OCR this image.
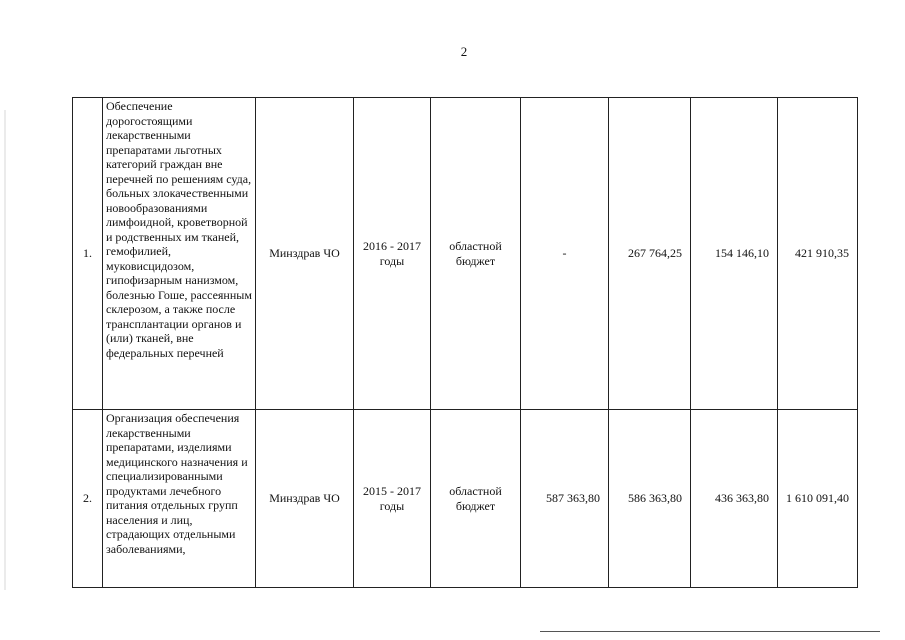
2
1.	Обеспечение дорогостоящими лекарственными препаратами льготных категорий граждан вне перечней по решениям суда, больных злокачественными новообразованиями лимфоидной, кроветворной и родственных им тканей, гемофилией, муковисцидозом, гипофизарным нанизмом, болезнью Гоше, рассеянным склерозом, а также после трансплантации органов и (или) тканей, вне федеральных перечней	Минздрав ЧО	2016 - 2017 годы	областной бюджет	-	267 764,25	154 146,10	421 910,35
2.	Организация обеспечения лекарственными препаратами, изделиями медицинского назначения и специализированными продуктами лечебного питания отдельных групп населения и лиц, страдающих отдельными заболеваниями,	Минздрав ЧО	2015 - 2017 годы	областной бюджет	587 363,80	586 363,80	436 363,80	1 610 091,40
